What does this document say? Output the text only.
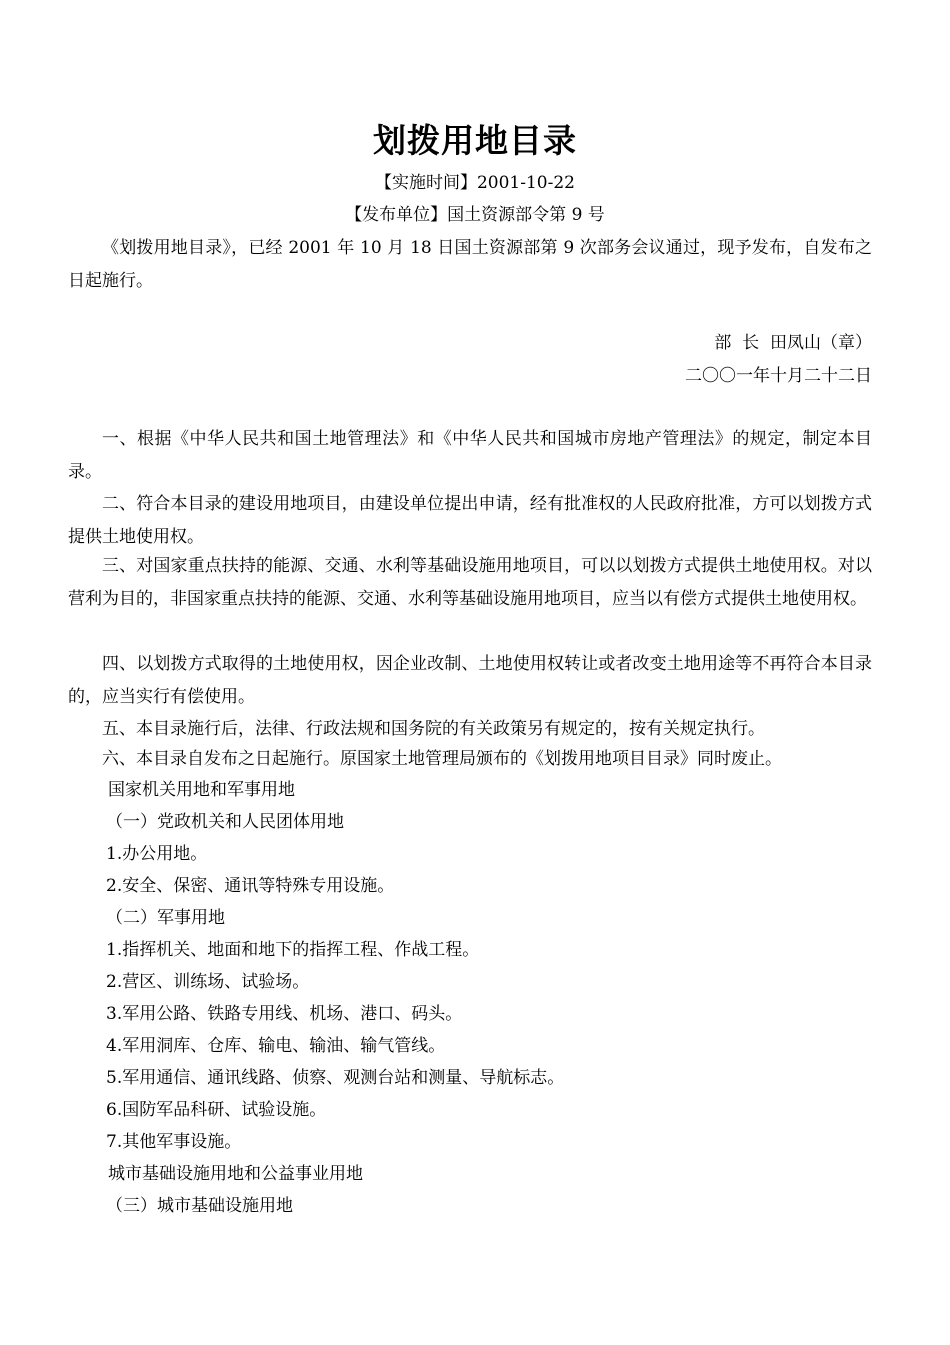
划拨用地目录
【实施时间】2001-10-22
【发布单位】国土资源部令第 9 号

《划拨用地目录》，已经 2001 年 10 月 18 日国土资源部第 9 次部务会议通过，现予发布，自发布之日起施行。

部  长  田凤山（章）
二〇〇一年十月二十二日

一、根据《中华人民共和国土地管理法》和《中华人民共和国城市房地产管理法》的规定，制定本目录。

二、符合本目录的建设用地项目，由建设单位提出申请，经有批准权的人民政府批准，方可以划拨方式提供土地使用权。

三、对国家重点扶持的能源、交通、水利等基础设施用地项目，可以以划拨方式提供土地使用权。对以营利为目的，非国家重点扶持的能源、交通、水利等基础设施用地项目，应当以有偿方式提供土地使用权。

四、以划拨方式取得的土地使用权，因企业改制、土地使用权转让或者改变土地用途等不再符合本目录的，应当实行有偿使用。

五、本目录施行后，法律、行政法规和国务院的有关政策另有规定的，按有关规定执行。

六、本目录自发布之日起施行。原国家土地管理局颁布的《划拨用地项目目录》同时废止。

国家机关用地和军事用地
（一）党政机关和人民团体用地
1.办公用地。
2.安全、保密、通讯等特殊专用设施。
（二）军事用地
1.指挥机关、地面和地下的指挥工程、作战工程。
2.营区、训练场、试验场。
3.军用公路、铁路专用线、机场、港口、码头。
4.军用洞库、仓库、输电、输油、输气管线。
5.军用通信、通讯线路、侦察、观测台站和测量、导航标志。
6.国防军品科研、试验设施。
7.其他军事设施。
城市基础设施用地和公益事业用地
（三）城市基础设施用地
